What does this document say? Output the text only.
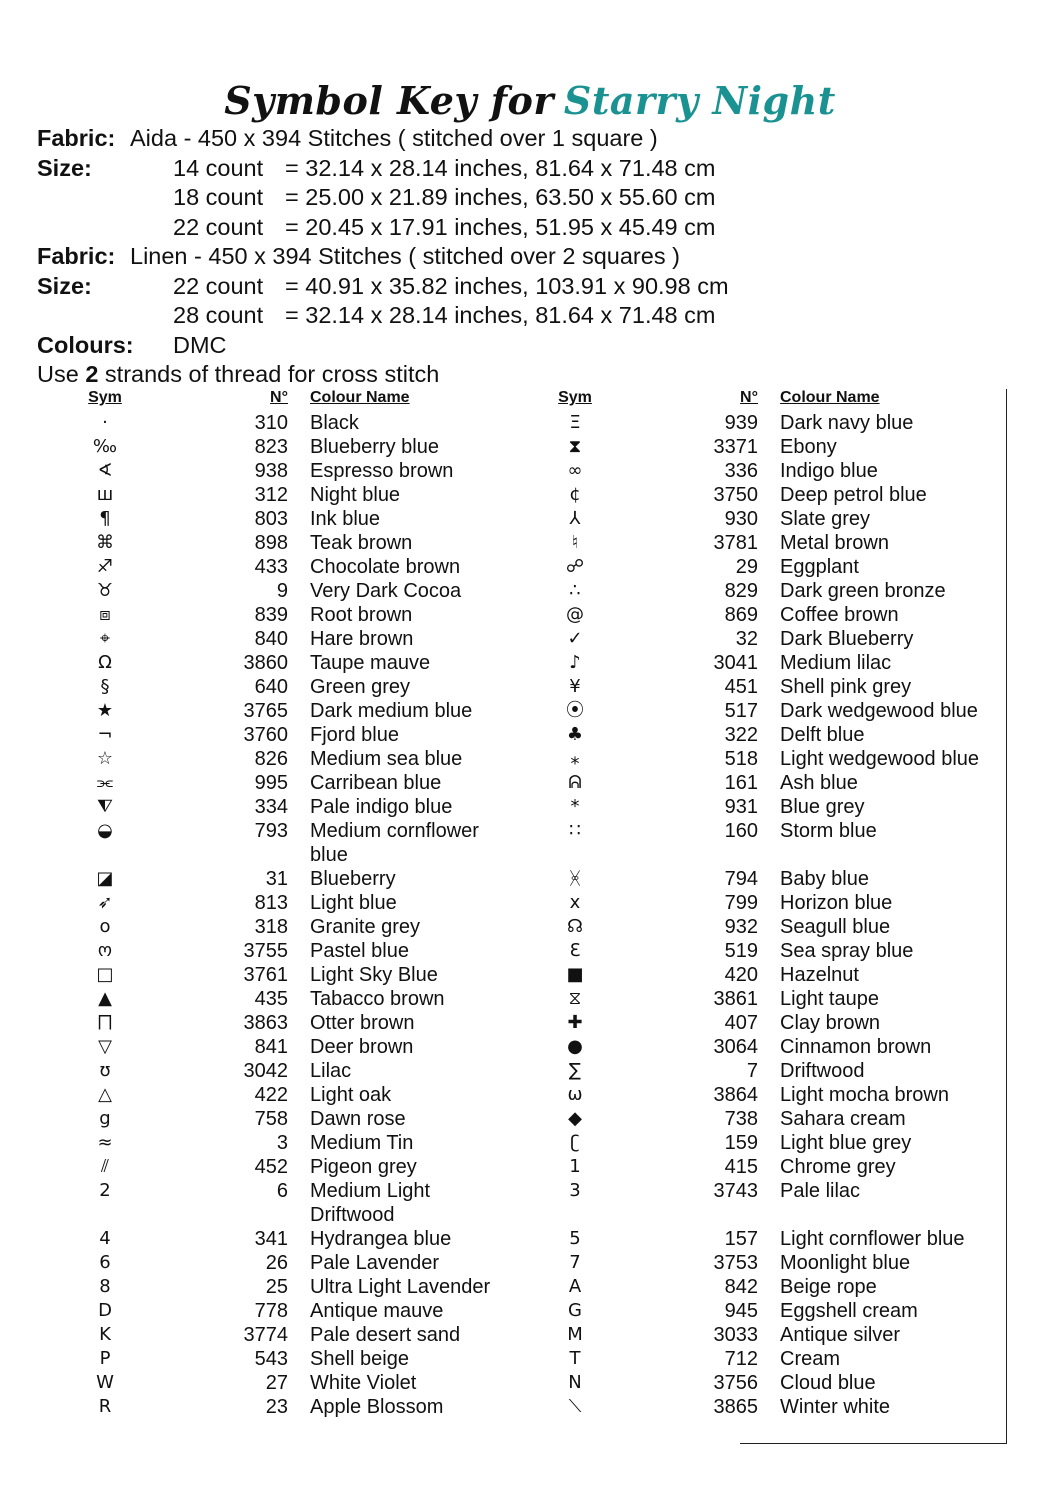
Symbol Key for Starry Night
Fabric: Aida - 450 x 394 Stitches ( stitched over 1 square )
Size:	14 count = 32.14 x 28.14 inches, 81.64 x 71.48 cm
18 count = 25.00 x 21.89 inches, 63.50 x 55.60 cm
22 count = 20.45 x 17.91 inches, 51.95 x 45.49 cm
Fabric: Linen - 450 x 394 Stitches ( stitched over 2 squares )
Size:	22 count = 40.91 x 35.82 inches, 103.91 x 90.98 cm
28 count = 32.14 x 28.14 inches, 81.64 x 71.48 cm
Colours:	DMC
Use 2 strands of thread for cross stitch
Sym	N°	Colour Name
·	310	Black
‰	823	Blueberry blue
∢	938	Espresso brown
ш	312	Night blue
¶	803	Ink blue
⌘	898	Teak brown
♐	433	Chocolate brown
♉	9	Very Dark Cocoa
⧈	839	Root brown
⌖	840	Hare brown
Ω	3860	Taupe mauve
§	640	Green grey
★	3765	Dark medium blue
¬	3760	Fjord blue
☆	826	Medium sea blue
⫘	995	Carribean blue
⧨	334	Pale indigo blue
◒	793	Medium cornflower blue
◪	31	Blueberry
➶	813	Light blue
o	318	Granite grey
ო	3755	Pastel blue
□	3761	Light Sky Blue
▲	435	Tabacco brown
⨅	3863	Otter brown
▽	841	Deer brown
ʊ	3042	Lilac
△	422	Light oak
g	758	Dawn rose
≈	3	Medium Tin
⫽	452	Pigeon grey
2	6	Medium Light Driftwood
4	341	Hydrangea blue
6	26	Pale Lavender
8	25	Ultra Light Lavender
D	778	Antique mauve
K	3774	Pale desert sand
P	543	Shell beige
W	27	White Violet
R	23	Apple Blossom
Sym	N°	Colour Name
Ξ	939	Dark navy blue
⧗	3371	Ebony
∞	336	Indigo blue
¢	3750	Deep petrol blue
⅄	930	Slate grey
♮	3781	Metal brown
☍	29	Eggplant
∴	829	Dark green bronze
@	869	Coffee brown
✓	32	Dark Blueberry
♪	3041	Medium lilac
¥	451	Shell pink grey
⦿	517	Dark wedgewood blue
♣	322	Delft blue
⁎	518	Light wedgewood blue
ᕱ	161	Ash blue
*	931	Blue grey
∷	160	Storm blue
ᚸ	794	Baby blue
x	799	Horizon blue
☊	932	Seagull blue
Ɛ	519	Sea spray blue
■	420	Hazelnut
⧖	3861	Light taupe
✚	407	Clay brown
●	3064	Cinnamon brown
∑	7	Driftwood
ω	3864	Light mocha brown
◆	738	Sahara cream
ʗ	159	Light blue grey
1	415	Chrome grey
3	3743	Pale lilac
5	157	Light cornflower blue
7	3753	Moonlight blue
A	842	Beige rope
G	945	Eggshell cream
M	3033	Antique silver
T	712	Cream
N	3756	Cloud blue
⟍	3865	Winter white
